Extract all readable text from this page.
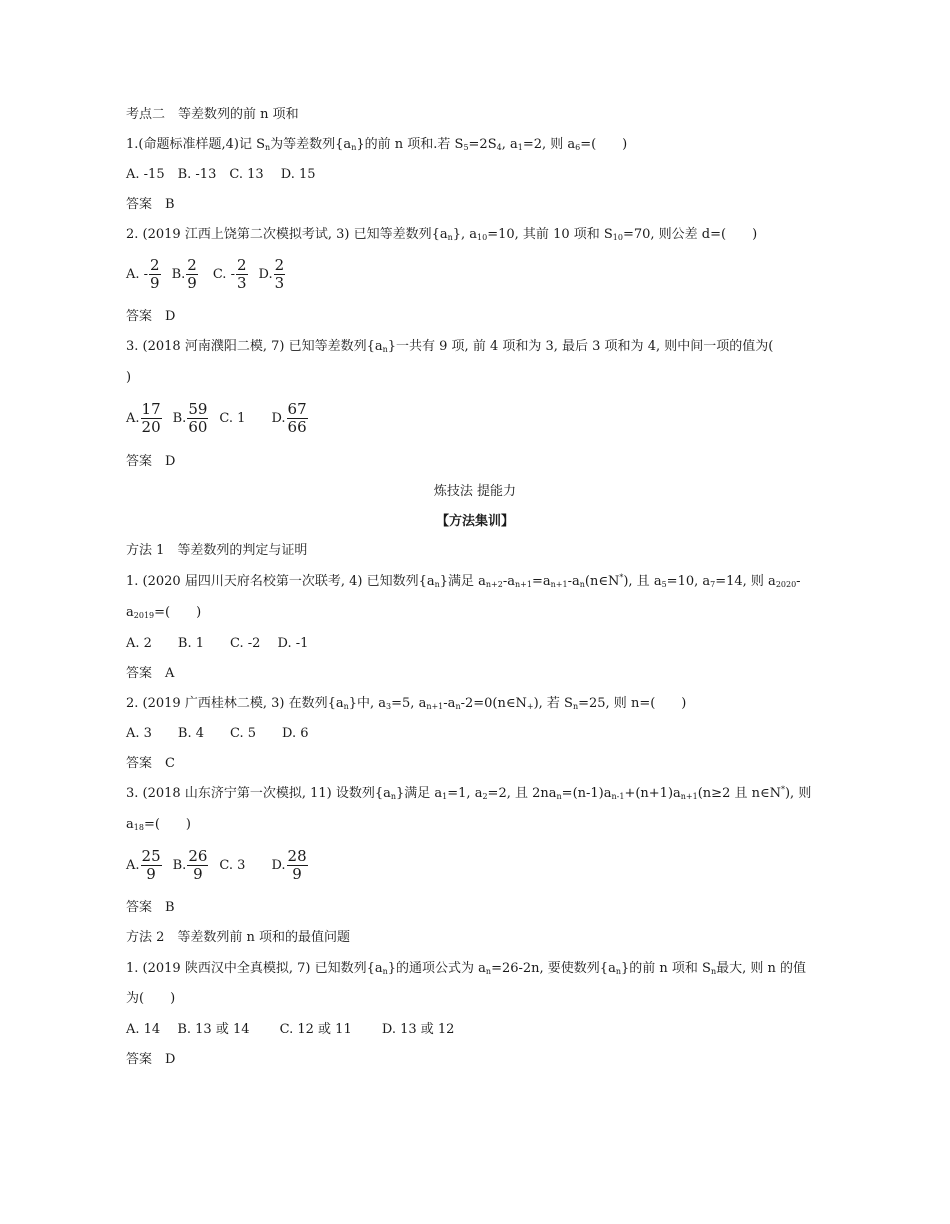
考点二　等差数列的前 n 项和
1.(命题标准样题,4)记 $S_n$为等差数列$\{a_n\}$的前 n 项和.若 $S_5=2S_4$, $a_1=2$, 则 $a_6=$(　　)
A. -15　B. -13　C. 13　 D. 15
答案　B
2. (2019 江西上饶第二次模拟考试, 3) 已知等差数列$\{a_n\}$, $a_{10}=10$, 其前 10 项和 $S_{10}=70$, 则公差 d=(　　)
A. - $\frac{2}{9} B$. $\frac{2}{9} C$. - $\frac{2}{3} D$. $\frac{2}{3}$
答案　D
3. (2018 河南濮阳二模, 7) 已知等差数列$\{a_n\}$一共有 9 项, 前 4 项和为 3, 最后 3 项和为 4, 则中间一项的值为(
)
A. $\frac{17}{20} B$. $\frac{59}{60} C$. 1 D. $\frac{67}{66}$
答案　D
炼技法 提能力
【方法集训】
方法 1　等差数列的判定与证明
1. (2020 届四川天府名校第一次联考, 4) 已知数列$\{a_n\}$满足 $a_{n+2}-a_{n+1}=a_{n+1}-a_n(n\in N^*)$, 且 $a_5=10$, $a_7=14$, 则 $a_{2020}-$
$a_{2019}=$(　　)
A. 2　　B. 1　　C. -2　 D. -1
答案　A
2. (2019 广西桂林二模, 3) 在数列$\{a_n\}$中, $a_3=5$, $a_{n+1}-a_n-2=0(n\in N_+)$, 若 $S_n=25$, 则 n=(　　)
A. 3　　B. 4　　C. 5　　D. 6
答案　C
3. (2018 山东济宁第一次模拟, 11) 设数列$\{a_n\}$满足 $a_1=1$, $a_2=2$, 且 $2na_n=(n-1)a_{n-1}+(n+1)a_{n+1}(n\ge 2$ 且 n∈N*), 则
$a_{18}=$(　　)
A. $\frac{25}{9} B$. $\frac{26}{9} C$. 3 D. $\frac{28}{9}$
答案　B
方法 2　等差数列前 n 项和的最值问题
1. (2019 陕西汉中全真模拟, 7) 已知数列$\{a_n\}$的通项公式为 $a_n=26-2n$, 要使数列$\{a_n\}$的前 n 项和 $S_n$最大, 则 n 的值
为(　　)
A. 14　 B. 13 或 14　　 C. 12 或 11　　 D. 13 或 12
答案　D
